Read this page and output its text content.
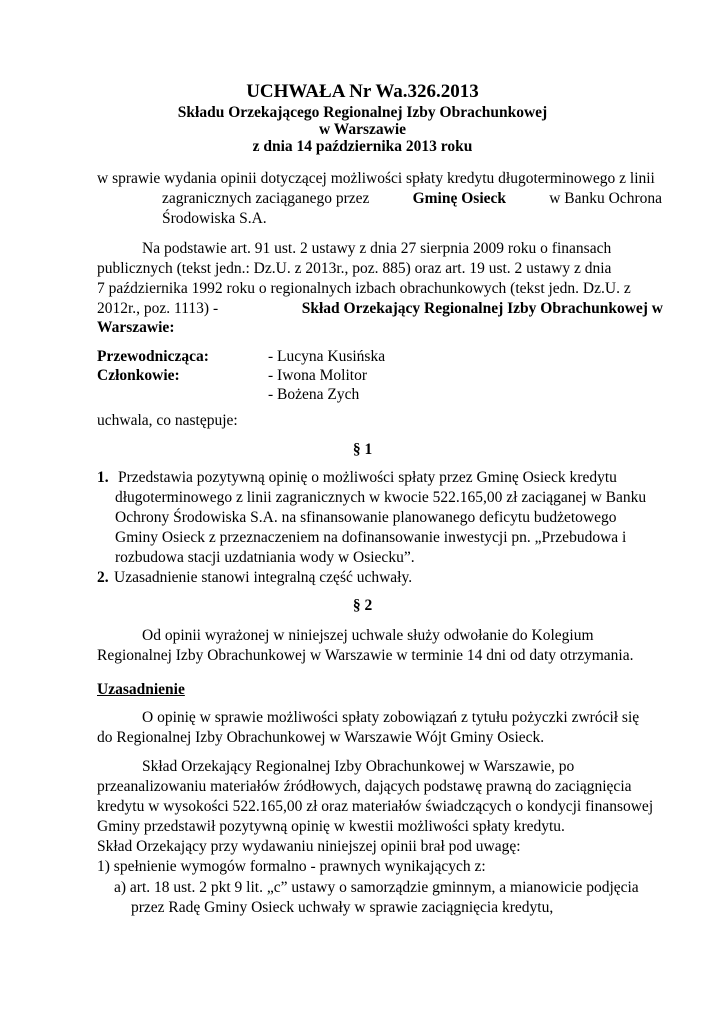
UCHWAŁA Nr Wa.326.2013
Składu Orzekającego Regionalnej Izby Obrachunkowej
w Warszawie
z dnia 14 października 2013 roku
w sprawie wydania opinii dotyczącej możliwości spłaty kredytu długoterminowego z linii
zagranicznych zaciąganego przez	Gminę Osieck	w Banku Ochrona
Środowiska S.A.
Na podstawie art. 91 ust. 2 ustawy z dnia 27 sierpnia 2009 roku o finansach
publicznych (tekst jedn.: Dz.U. z 2013r., poz. 885) oraz art. 19 ust. 2 ustawy z dnia
7 października 1992 roku o regionalnych izbach obrachunkowych (tekst jedn. Dz.U. z
2012r., poz. 1113) -	Skład Orzekający Regionalnej Izby Obrachunkowej w
Warszawie:
Przewodnicząca:	- Lucyna Kusińska
Członkowie:	- Iwona Molitor
- Bożena Zych
uchwala, co następuje:
§ 1
1. Przedstawia pozytywną opinię o możliwości spłaty przez Gminę Osieck kredytu
długoterminowego z linii zagranicznych w kwocie 522.165,00 zł zaciąganej w Banku
Ochrony Środowiska S.A. na sfinansowanie planowanego deficytu budżetowego
Gminy Osieck z przeznaczeniem na dofinansowanie inwestycji pn. „Przebudowa i
rozbudowa stacji uzdatniania wody w Osiecku”.
2. Uzasadnienie stanowi integralną część uchwały.
§ 2
Od opinii wyrażonej w niniejszej uchwale służy odwołanie do Kolegium
Regionalnej Izby Obrachunkowej w Warszawie w terminie 14 dni od daty otrzymania.
Uzasadnienie
O opinię w sprawie możliwości spłaty zobowiązań z tytułu pożyczki zwrócił się
do Regionalnej Izby Obrachunkowej w Warszawie Wójt Gminy Osieck.
Skład Orzekający Regionalnej Izby Obrachunkowej w Warszawie, po
przeanalizowaniu materiałów źródłowych, dających podstawę prawną do zaciągnięcia
kredytu w wysokości 522.165,00 zł oraz materiałów świadczących o kondycji finansowej
Gminy przedstawił pozytywną opinię w kwestii możliwości spłaty kredytu.
Skład Orzekający przy wydawaniu niniejszej opinii brał pod uwagę:
1) spełnienie wymogów formalno - prawnych wynikających z:
a) art. 18 ust. 2 pkt 9 lit. „c” ustawy o samorządzie gminnym, a mianowicie podjęcia
przez Radę Gminy Osieck uchwały w sprawie zaciągnięcia kredytu,
